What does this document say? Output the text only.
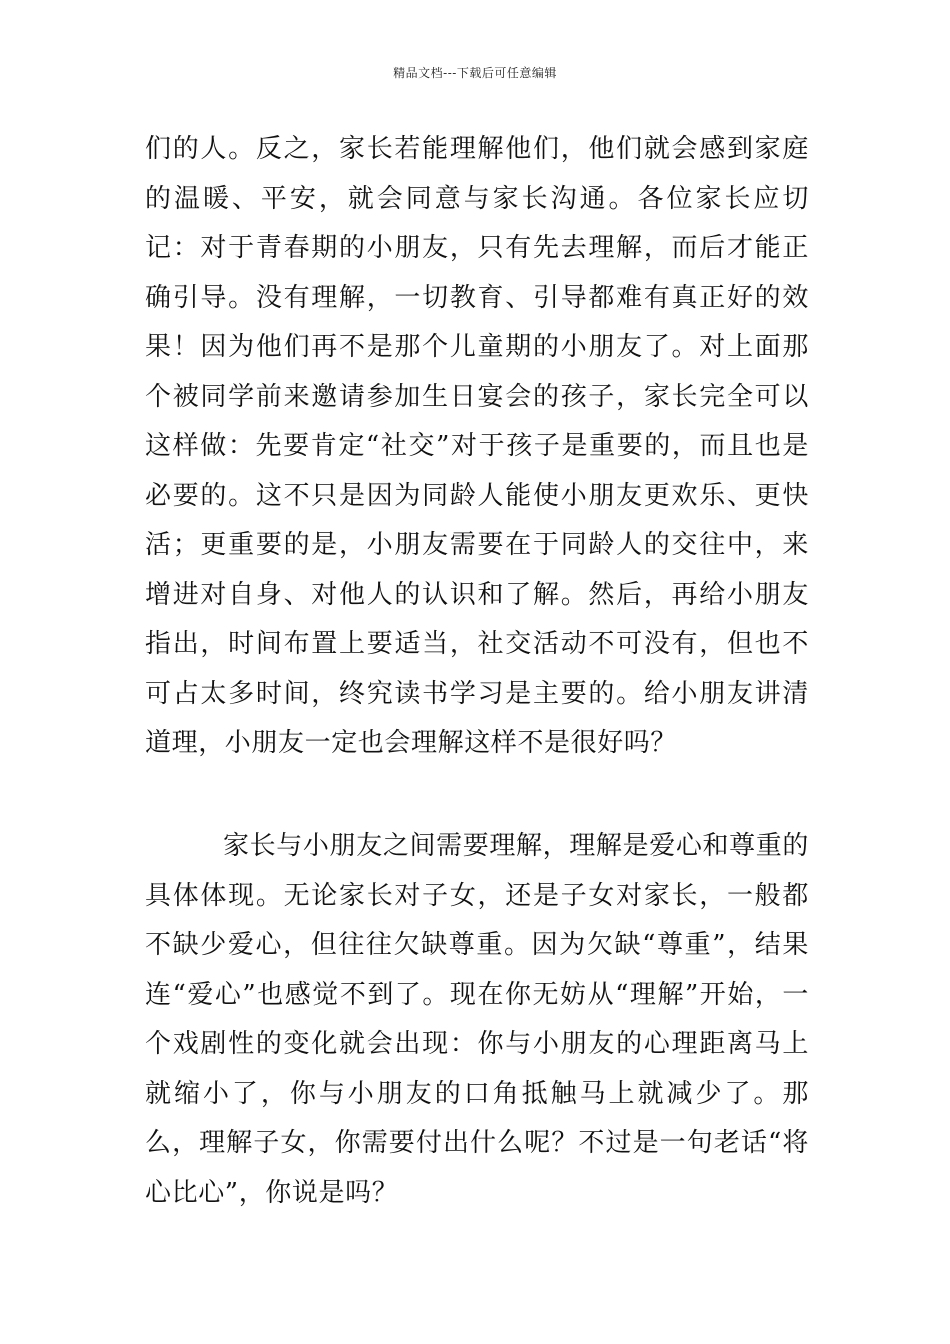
精品文档---下载后可任意编辑

们的人。反之，家长若能理解他们，他们就会感到家庭的温暖、平安，就会同意与家长沟通。各位家长应切记：对于青春期的小朋友，只有先去理解，而后才能正确引导。没有理解，一切教育、引导都难有真正好的效果！因为他们再不是那个儿童期的小朋友了。对上面那个被同学前来邀请参加生日宴会的孩子，家长完全可以这样做：先要肯定“社交”对于孩子是重要的，而且也是必要的。这不只是因为同龄人能使小朋友更欢乐、更快活；更重要的是，小朋友需要在于同龄人的交往中，来增进对自身、对他人的认识和了解。然后，再给小朋友指出，时间布置上要适当，社交活动不可没有，但也不可占太多时间，终究读书学习是主要的。给小朋友讲清道理，小朋友一定也会理解这样不是很好吗？

家长与小朋友之间需要理解，理解是爱心和尊重的具体体现。无论家长对子女，还是子女对家长，一般都不缺少爱心，但往往欠缺尊重。因为欠缺“尊重”，结果连“爱心”也感觉不到了。现在你无妨从“理解”开始，一个戏剧性的变化就会出现：你与小朋友的心理距离马上就缩小了，你与小朋友的口角抵触马上就减少了。那么，理解子女，你需要付出什么呢？不过是一句老话“将心比心”，你说是吗？
